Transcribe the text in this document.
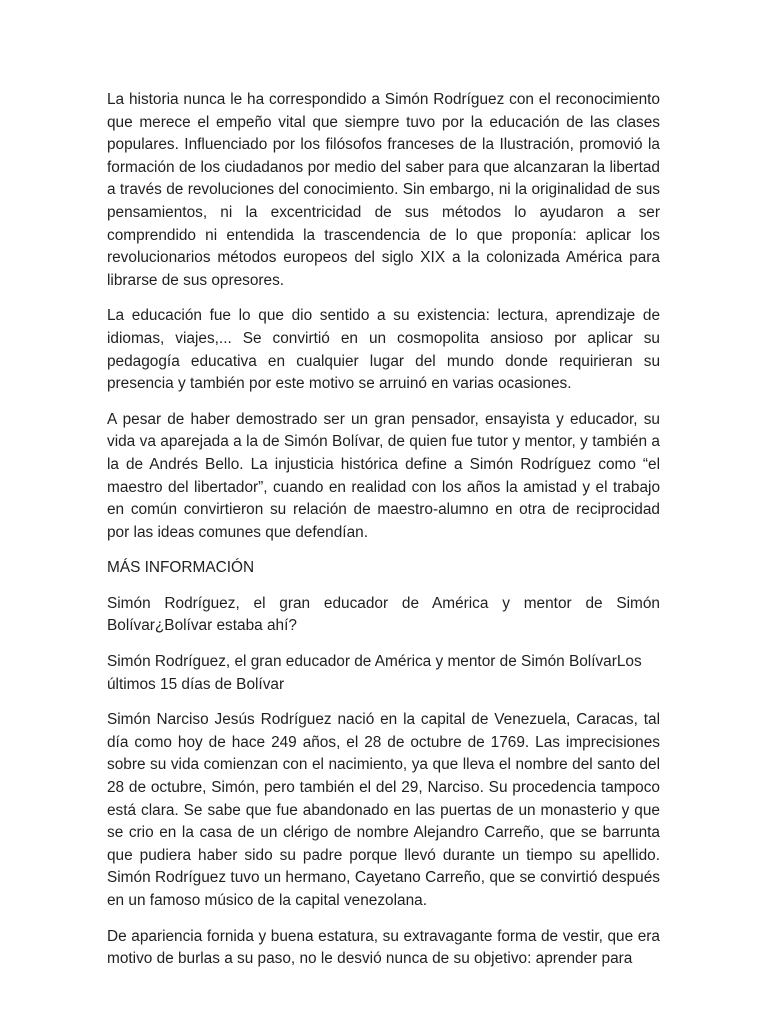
La historia nunca le ha correspondido a Simón Rodríguez con el reconocimiento que merece el empeño vital que siempre tuvo por la educación de las clases populares. Influenciado por los filósofos franceses de la Ilustración, promovió la formación de los ciudadanos por medio del saber para que alcanzaran la libertad a través de revoluciones del conocimiento. Sin embargo, ni la originalidad de sus pensamientos, ni la excentricidad de sus métodos lo ayudaron a ser comprendido ni entendida la trascendencia de lo que proponía: aplicar los revolucionarios métodos europeos del siglo XIX a la colonizada América para librarse de sus opresores.

La educación fue lo que dio sentido a su existencia: lectura, aprendizaje de idiomas, viajes,... Se convirtió en un cosmopolita ansioso por aplicar su pedagogía educativa en cualquier lugar del mundo donde requirieran su presencia y también por este motivo se arruinó en varias ocasiones.

A pesar de haber demostrado ser un gran pensador, ensayista y educador, su vida va aparejada a la de Simón Bolívar, de quien fue tutor y mentor, y también a la de Andrés Bello. La injusticia histórica define a Simón Rodríguez como “el maestro del libertador”, cuando en realidad con los años la amistad y el trabajo en común convirtieron su relación de maestro-alumno en otra de reciprocidad por las ideas comunes que defendían.

MÁS INFORMACIÓN

Simón Rodríguez, el gran educador de América y mentor de Simón Bolívar¿Bolívar estaba ahí?

Simón Rodríguez, el gran educador de América y mentor de Simón BolívarLos últimos 15 días de Bolívar

Simón Narciso Jesús Rodríguez nació en la capital de Venezuela, Caracas, tal día como hoy de hace 249 años, el 28 de octubre de 1769. Las imprecisiones sobre su vida comienzan con el nacimiento, ya que lleva el nombre del santo del 28 de octubre, Simón, pero también el del 29, Narciso. Su procedencia tampoco está clara. Se sabe que fue abandonado en las puertas de un monasterio y que se crio en la casa de un clérigo de nombre Alejandro Carreño, que se barrunta que pudiera haber sido su padre porque llevó durante un tiempo su apellido. Simón Rodríguez tuvo un hermano, Cayetano Carreño, que se convirtió después en un famoso músico de la capital venezolana.

De apariencia fornida y buena estatura, su extravagante forma de vestir, que era motivo de burlas a su paso, no le desvió nunca de su objetivo: aprender para
